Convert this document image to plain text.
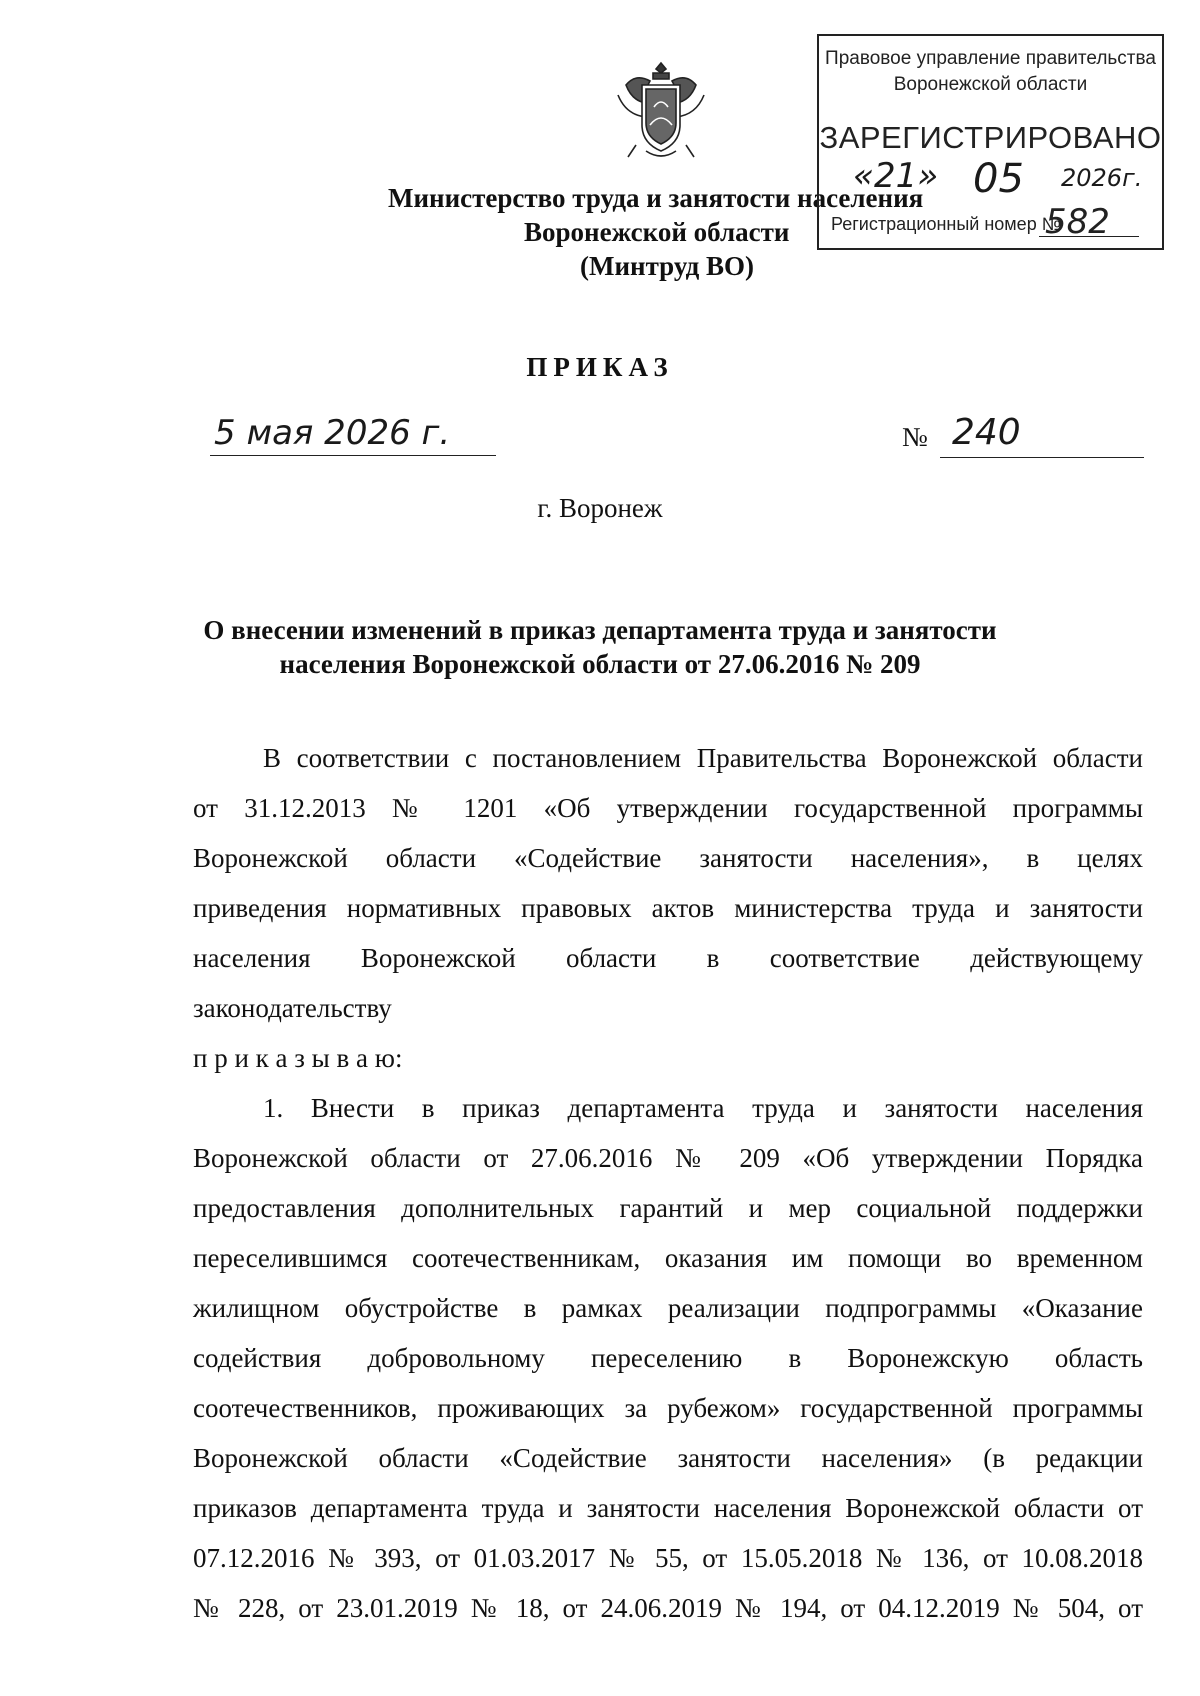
Министерство труда и занятости населения
Воронежской области
(Минтруд ВО)
Правовое управление правительства
Воронежской области
ЗАРЕГИСТРИРОВАНО
«21» 05 2026г.
Регистрационный номер №
582
ПРИКАЗ
5 мая 2026 г.	№ 240
г. Воронеж
О внесении изменений в приказ департамента труда и занятости
населения Воронежской области от 27.06.2016 № 209
В соответствии с постановлением Правительства Воронежской области
от 31.12.2013 № 1201 «Об утверждении государственной программы
Воронежской области «Содействие занятости населения», в целях
приведения нормативных правовых актов министерства труда и занятости
населения Воронежской области в соответствие действующему
законодательству
п р и к а з ы в а ю:
1. Внести в приказ департамента труда и занятости населения
Воронежской области от 27.06.2016 № 209 «Об утверждении Порядка
предоставления дополнительных гарантий и мер социальной поддержки
переселившимся соотечественникам, оказания им помощи во временном
жилищном обустройстве в рамках реализации подпрограммы «Оказание
содействия добровольному переселению в Воронежскую область
соотечественников, проживающих за рубежом» государственной программы
Воронежской области «Содействие занятости населения» (в редакции
приказов департамента труда и занятости населения Воронежской области от
07.12.2016 № 393, от 01.03.2017 № 55, от 15.05.2018 № 136, от 10.08.2018
№ 228, от 23.01.2019 № 18, от 24.06.2019 № 194, от 04.12.2019 № 504, от
